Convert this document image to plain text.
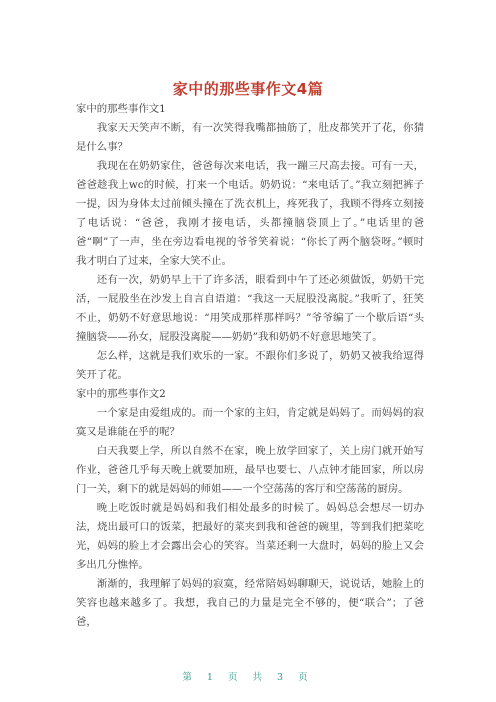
家中的那些事作文4篇

家中的那些事作文1

我家天天笑声不断，有一次笑得我嘴都抽筋了，肚皮都笑开了花，你猜是什么事？

我现在在奶奶家住，爸爸每次来电话，我一蹦三尺高去接。可有一天，爸爸趁我上wc的时候，打来一个电话。奶奶说：“来电话了。”我立刻把裤子一提，因为身体太过前倾头撞在了洗衣机上，疼死我了，我顾不得疼立刻接了电话说：“爸爸，我刚才接电话，头都撞脑袋顶上了。”电话里的爸爸“啊”了一声，坐在旁边看电视的爷爷笑着说：“你长了两个脑袋呀。”顿时我才明白了过来，全家大笑不止。

还有一次，奶奶早上干了许多活，眼看到中午了还必须做饭，奶奶干完活，一屁股坐在沙发上自言自语道：“我这一天屁股没离腚。”我听了，狂笑不止，奶奶不好意思地说：“用笑成那样那样吗？”爷爷编了一个歇后语“头撞脑袋——孙女，屁股没离腚——奶奶”我和奶奶不好意思地笑了。

怎么样，这就是我们欢乐的一家。不跟你们多说了，奶奶又被我给逗得笑开了花。

家中的那些事作文2

一个家是由爱组成的。而一个家的主妇，肯定就是妈妈了。而妈妈的寂寞又是谁能在乎的呢？

白天我要上学，所以自然不在家，晚上放学回家了，关上房门就开始写作业，爸爸几乎每天晚上就要加班，最早也要七、八点钟才能回家，所以房门一关，剩下的就是妈妈的师姐——一个空荡荡的客厅和空荡荡的厨房。

晚上吃饭时就是妈妈和我们相处最多的时候了。妈妈总会想尽一切办法，烧出最可口的饭菜，把最好的菜夹到我和爸爸的碗里，等到我们把菜吃光，妈妈的脸上才会露出会心的笑容。当菜还剩一大盘时，妈妈的脸上又会多出几分憔悴。

渐渐的，我理解了妈妈的寂寞，经常陪妈妈聊聊天，说说话，她脸上的笑容也越来越多了。我想，我自己的力量是完全不够的，便“联合”；了爸爸，

第 1 页 共 3 页
